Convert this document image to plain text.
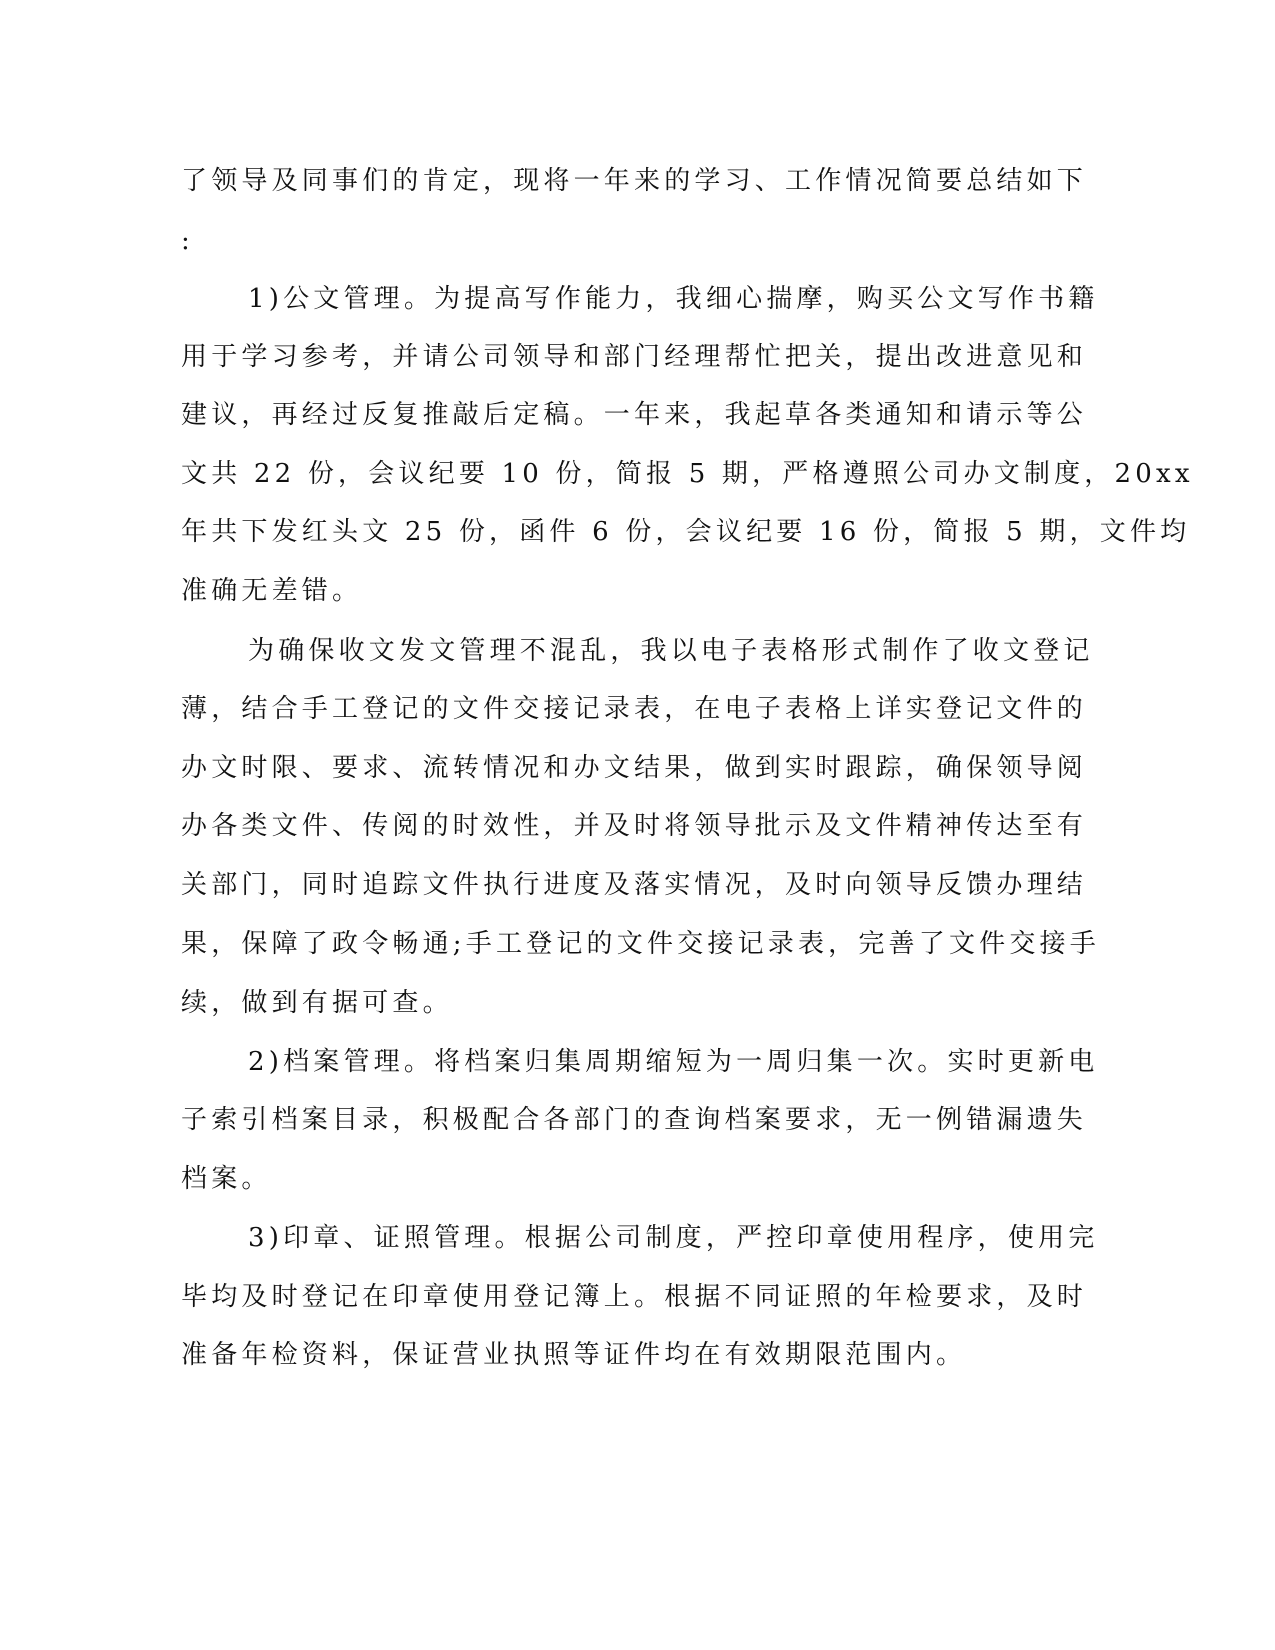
了领导及同事们的肯定，现将一年来的学习、工作情况简要总结如下
:
1)公文管理。为提高写作能力，我细心揣摩，购买公文写作书籍
用于学习参考，并请公司领导和部门经理帮忙把关，提出改进意见和
建议，再经过反复推敲后定稿。一年来，我起草各类通知和请示等公
文共 22 份，会议纪要 10 份，简报 5 期，严格遵照公司办文制度，20xx
年共下发红头文 25 份，函件 6 份，会议纪要 16 份，简报 5 期，文件均
准确无差错。
为确保收文发文管理不混乱，我以电子表格形式制作了收文登记
薄，结合手工登记的文件交接记录表，在电子表格上详实登记文件的
办文时限、要求、流转情况和办文结果，做到实时跟踪，确保领导阅
办各类文件、传阅的时效性，并及时将领导批示及文件精神传达至有
关部门，同时追踪文件执行进度及落实情况，及时向领导反馈办理结
果，保障了政令畅通;手工登记的文件交接记录表，完善了文件交接手
续，做到有据可查。
2)档案管理。将档案归集周期缩短为一周归集一次。实时更新电
子索引档案目录，积极配合各部门的查询档案要求，无一例错漏遗失
档案。
3)印章、证照管理。根据公司制度，严控印章使用程序，使用完
毕均及时登记在印章使用登记簿上。根据不同证照的年检要求，及时
准备年检资料，保证营业执照等证件均在有效期限范围内。
